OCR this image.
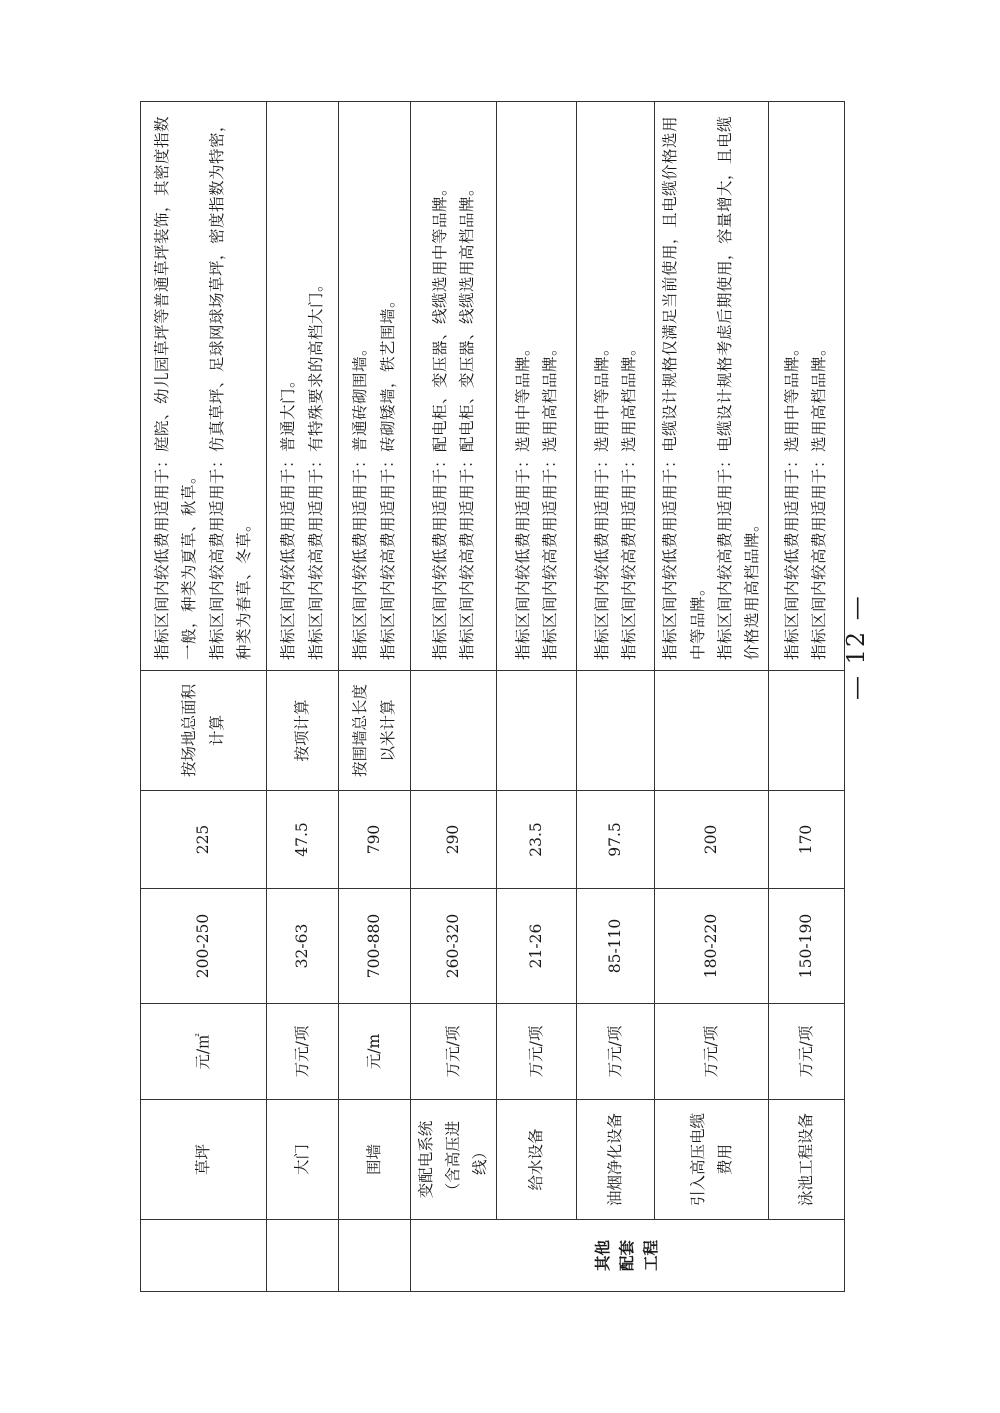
	草坪	元/㎡	200-250	225	按场地总面积计算	指标区间内较低费用适用于：庭院、幼儿园草坪等普通草坪装饰，其密度指数一般，种类为夏草、秋草。 指标区间内较高费用适用于：仿真草坪、足球网球场草坪，密度指数为特密，种类为春草、冬草。

	大门	万元/项	32-63	47.5	按项计算	指标区间内较低费用适用于：普通大门。 指标区间内较高费用适用于：有特殊要求的高档大门。

	围墙	元/m	700-880	790	按围墙总长度以米计算	指标区间内较低费用适用于：普通砖砌围墙。 指标区间内较高费用适用于：砖砌矮墙，铁艺围墙。

其他 配套 工程	变配电系统（含高压进线）	万元/项	260-320	290		指标区间内较低费用适用于：配电柜、变压器、线缆选用中等品牌。 指标区间内较高费用适用于：配电柜、变压器、线缆选用高档品牌。

	给水设备	万元/项	21-26	23.5		指标区间内较低费用适用于：选用中等品牌。 指标区间内较高费用适用于：选用高档品牌。

	油烟净化设备	万元/项	85-110	97.5		指标区间内较低费用适用于：选用中等品牌。 指标区间内较高费用适用于：选用高档品牌。

	引入高压电缆费用	万元/项	180-220	200		指标区间内较低费用适用于：电缆设计规格仅满足当前使用，且电缆价格选用中等品牌。 指标区间内较高费用适用于：电缆设计规格考虑后期使用，容量增大，且电缆价格选用高档品牌。

	泳池工程设备	万元/项	150-190	170		指标区间内较低费用适用于：选用中等品牌。 指标区间内较高费用适用于：选用高档品牌。 — 12 —
